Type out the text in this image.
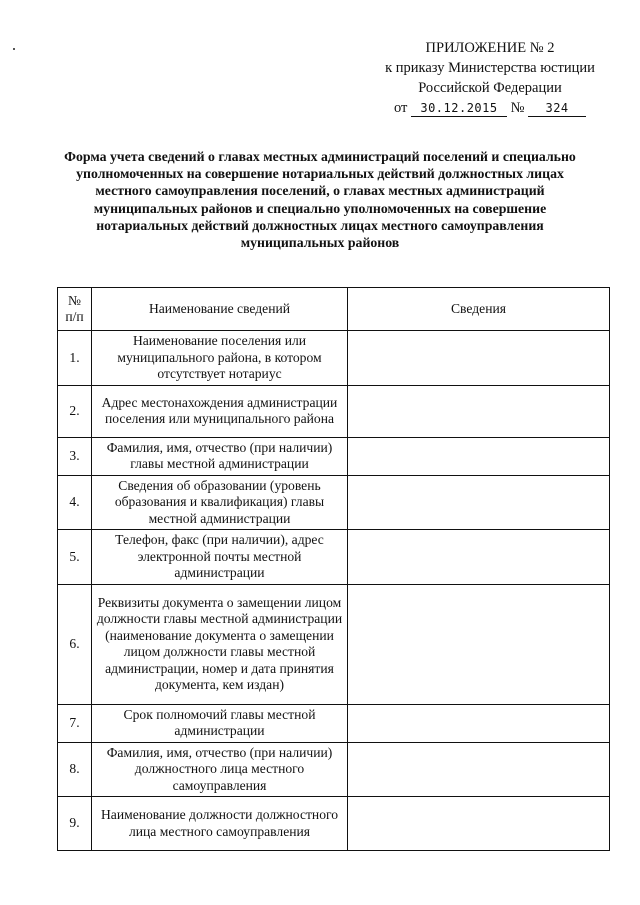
ПРИЛОЖЕНИЕ № 2
к приказу Министерства юстиции
Российской Федерации
от 30.12.2015 № 324
Форма учета сведений о главах местных администраций поселений и специально уполномоченных на совершение нотариальных действий должностных лицах местного самоуправления поселений, о главах местных администраций муниципальных районов и специально уполномоченных на совершение нотариальных действий должностных лицах местного самоуправления муниципальных районов
№ п/п	Наименование сведений	Сведения
1.	Наименование поселения или муниципального района, в котором отсутствует нотариус	
2.	Адрес местонахождения администрации поселения или муниципального района	
3.	Фамилия, имя, отчество (при наличии) главы местной администрации	
4.	Сведения об образовании (уровень образования и квалификация) главы местной администрации	
5.	Телефон, факс (при наличии), адрес электронной почты местной администрации	
6.	Реквизиты документа о замещении лицом должности главы местной администрации (наименование документа о замещении лицом должности главы местной администрации, номер и дата принятия документа, кем издан)	
7.	Срок полномочий главы местной администрации	
8.	Фамилия, имя, отчество (при наличии) должностного лица местного самоуправления	
9.	Наименование должности должностного лица местного самоуправления	
